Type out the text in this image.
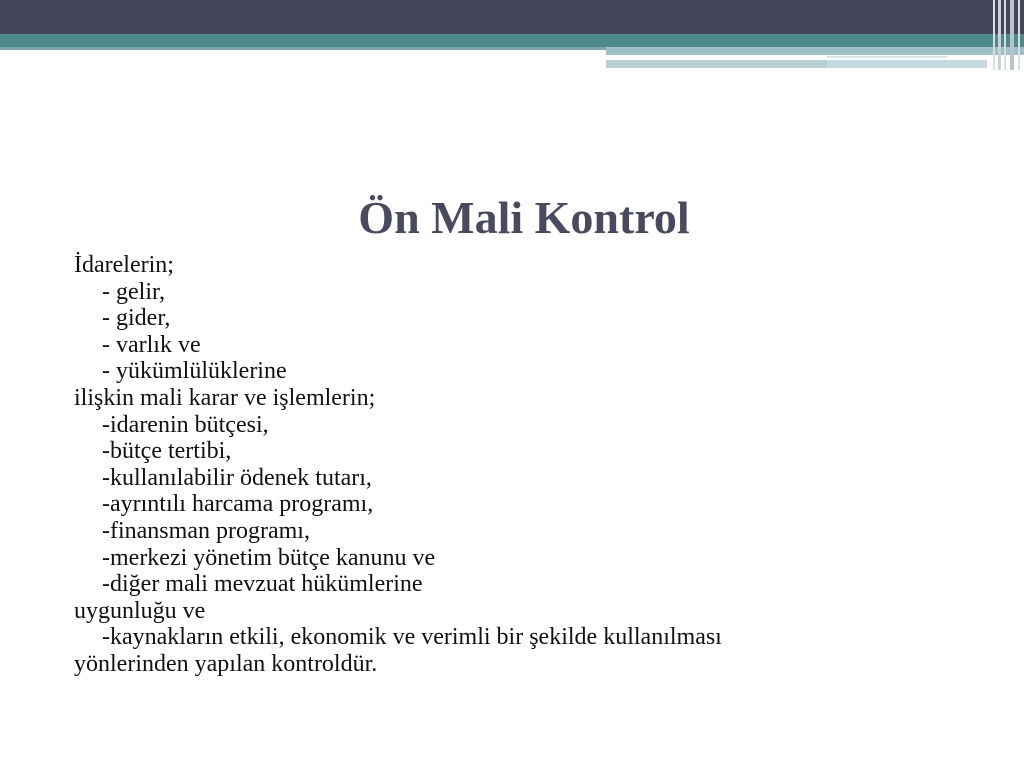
Ön Mali Kontrol
İdarelerin;
- gelir,
- gider,
- varlık ve
- yükümlülüklerine
ilişkin mali karar ve işlemlerin;
-idarenin bütçesi,
-bütçe tertibi,
-kullanılabilir ödenek tutarı,
-ayrıntılı harcama programı,
-finansman programı,
-merkezi yönetim bütçe kanunu ve
-diğer mali mevzuat hükümlerine
uygunluğu ve
-kaynakların etkili, ekonomik ve verimli bir şekilde kullanılması
yönlerinden yapılan kontroldür.
